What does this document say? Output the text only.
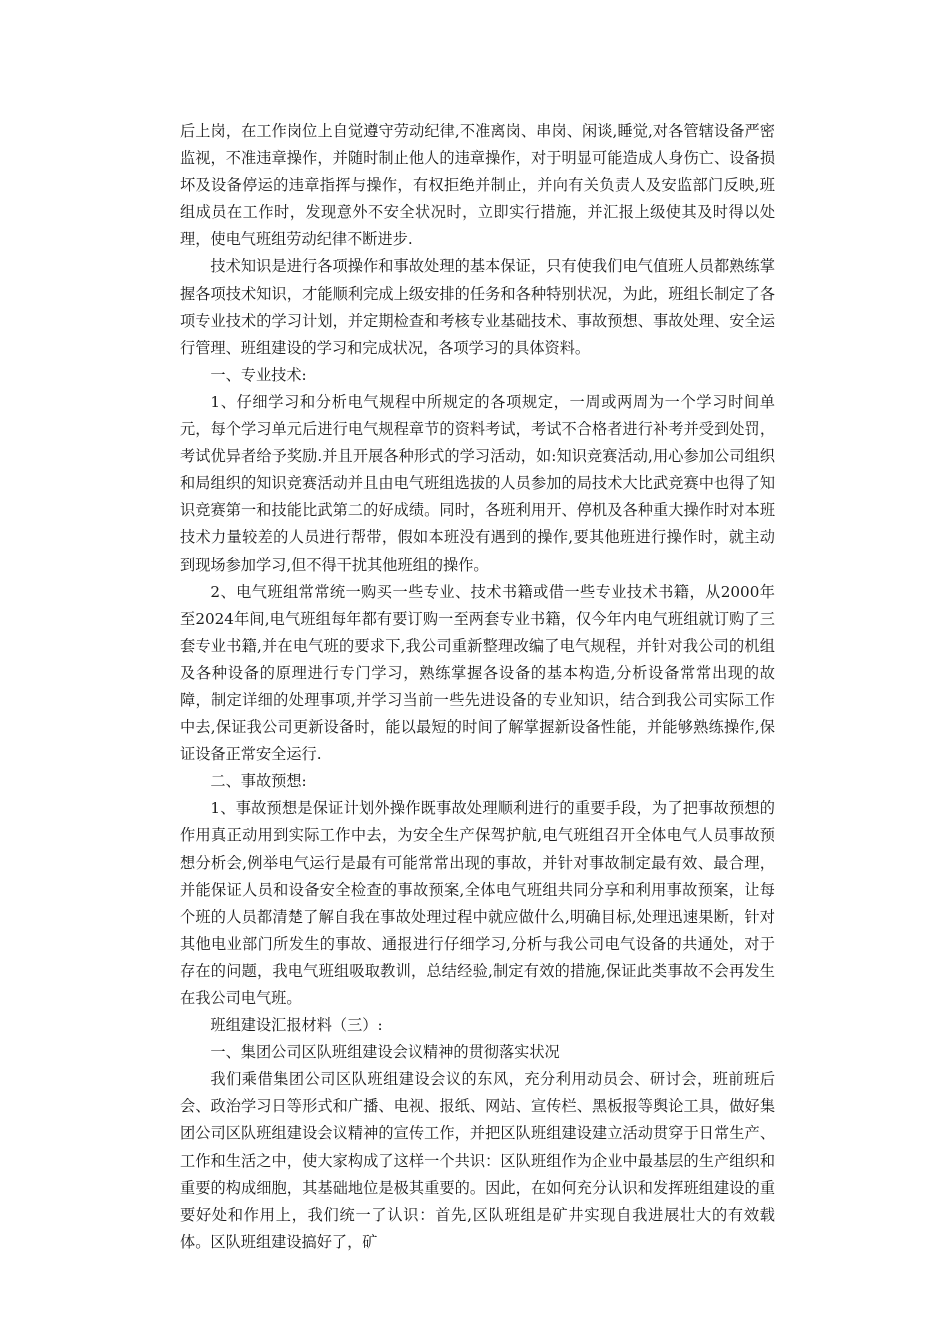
后上岗，在工作岗位上自觉遵守劳动纪律,不准离岗、串岗、闲谈,睡觉,对各管辖设备严密监视，不准违章操作，并随时制止他人的违章操作，对于明显可能造成人身伤亡、设备损坏及设备停运的违章指挥与操作，有权拒绝并制止，并向有关负责人及安监部门反映,班组成员在工作时，发现意外不安全状况时，立即实行措施，并汇报上级使其及时得以处理，使电气班组劳动纪律不断进步.

技术知识是进行各项操作和事故处理的基本保证，只有使我们电气值班人员都熟练掌握各项技术知识，才能顺利完成上级安排的任务和各种特别状况，为此，班组长制定了各项专业技术的学习计划，并定期检查和考核专业基础技术、事故预想、事故处理、安全运行管理、班组建设的学习和完成状况，各项学习的具体资料。

一、专业技术:

1、仔细学习和分析电气规程中所规定的各项规定，一周或两周为一个学习时间单元，每个学习单元后进行电气规程章节的资料考试，考试不合格者进行补考并受到处罚，考试优异者给予奖励.并且开展各种形式的学习活动，如:知识竞赛活动,用心参加公司组织和局组织的知识竞赛活动并且由电气班组选拔的人员参加的局技术大比武竞赛中也得了知识竞赛第一和技能比武第二的好成绩。同时，各班利用开、停机及各种重大操作时对本班技术力量较差的人员进行帮带，假如本班没有遇到的操作,要其他班进行操作时，就主动到现场参加学习,但不得干扰其他班组的操作。

2、电气班组常常统一购买一些专业、技术书籍或借一些专业技术书籍，从2000年至2024年间,电气班组每年都有要订购一至两套专业书籍，仅今年内电气班组就订购了三套专业书籍,并在电气班的要求下,我公司重新整理改编了电气规程，并针对我公司的机组及各种设备的原理进行专门学习，熟练掌握各设备的基本构造,分析设备常常出现的故障，制定详细的处理事项,并学习当前一些先进设备的专业知识，结合到我公司实际工作中去,保证我公司更新设备时，能以最短的时间了解掌握新设备性能，并能够熟练操作,保证设备正常安全运行.

二、事故预想:

1、事故预想是保证计划外操作既事故处理顺利进行的重要手段，为了把事故预想的作用真正动用到实际工作中去，为安全生产保驾护航,电气班组召开全体电气人员事故预想分析会,例举电气运行是最有可能常常出现的事故，并针对事故制定最有效、最合理，并能保证人员和设备安全检查的事故预案,全体电气班组共同分享和利用事故预案，让每个班的人员都清楚了解自我在事故处理过程中就应做什么,明确目标,处理迅速果断，针对其他电业部门所发生的事故、通报进行仔细学习,分析与我公司电气设备的共通处，对于存在的问题，我电气班组吸取教训，总结经验,制定有效的措施,保证此类事故不会再发生在我公司电气班。

班组建设汇报材料（三）:

一、集团公司区队班组建设会议精神的贯彻落实状况

我们乘借集团公司区队班组建设会议的东风，充分利用动员会、研讨会，班前班后会、政治学习日等形式和广播、电视、报纸、网站、宣传栏、黑板报等舆论工具，做好集团公司区队班组建设会议精神的宣传工作，并把区队班组建设建立活动贯穿于日常生产、工作和生活之中，使大家构成了这样一个共识：区队班组作为企业中最基层的生产组织和重要的构成细胞，其基础地位是极其重要的。因此，在如何充分认识和发挥班组建设的重要好处和作用上，我们统一了认识：首先,区队班组是矿井实现自我进展壮大的有效载体。区队班组建设搞好了，矿
